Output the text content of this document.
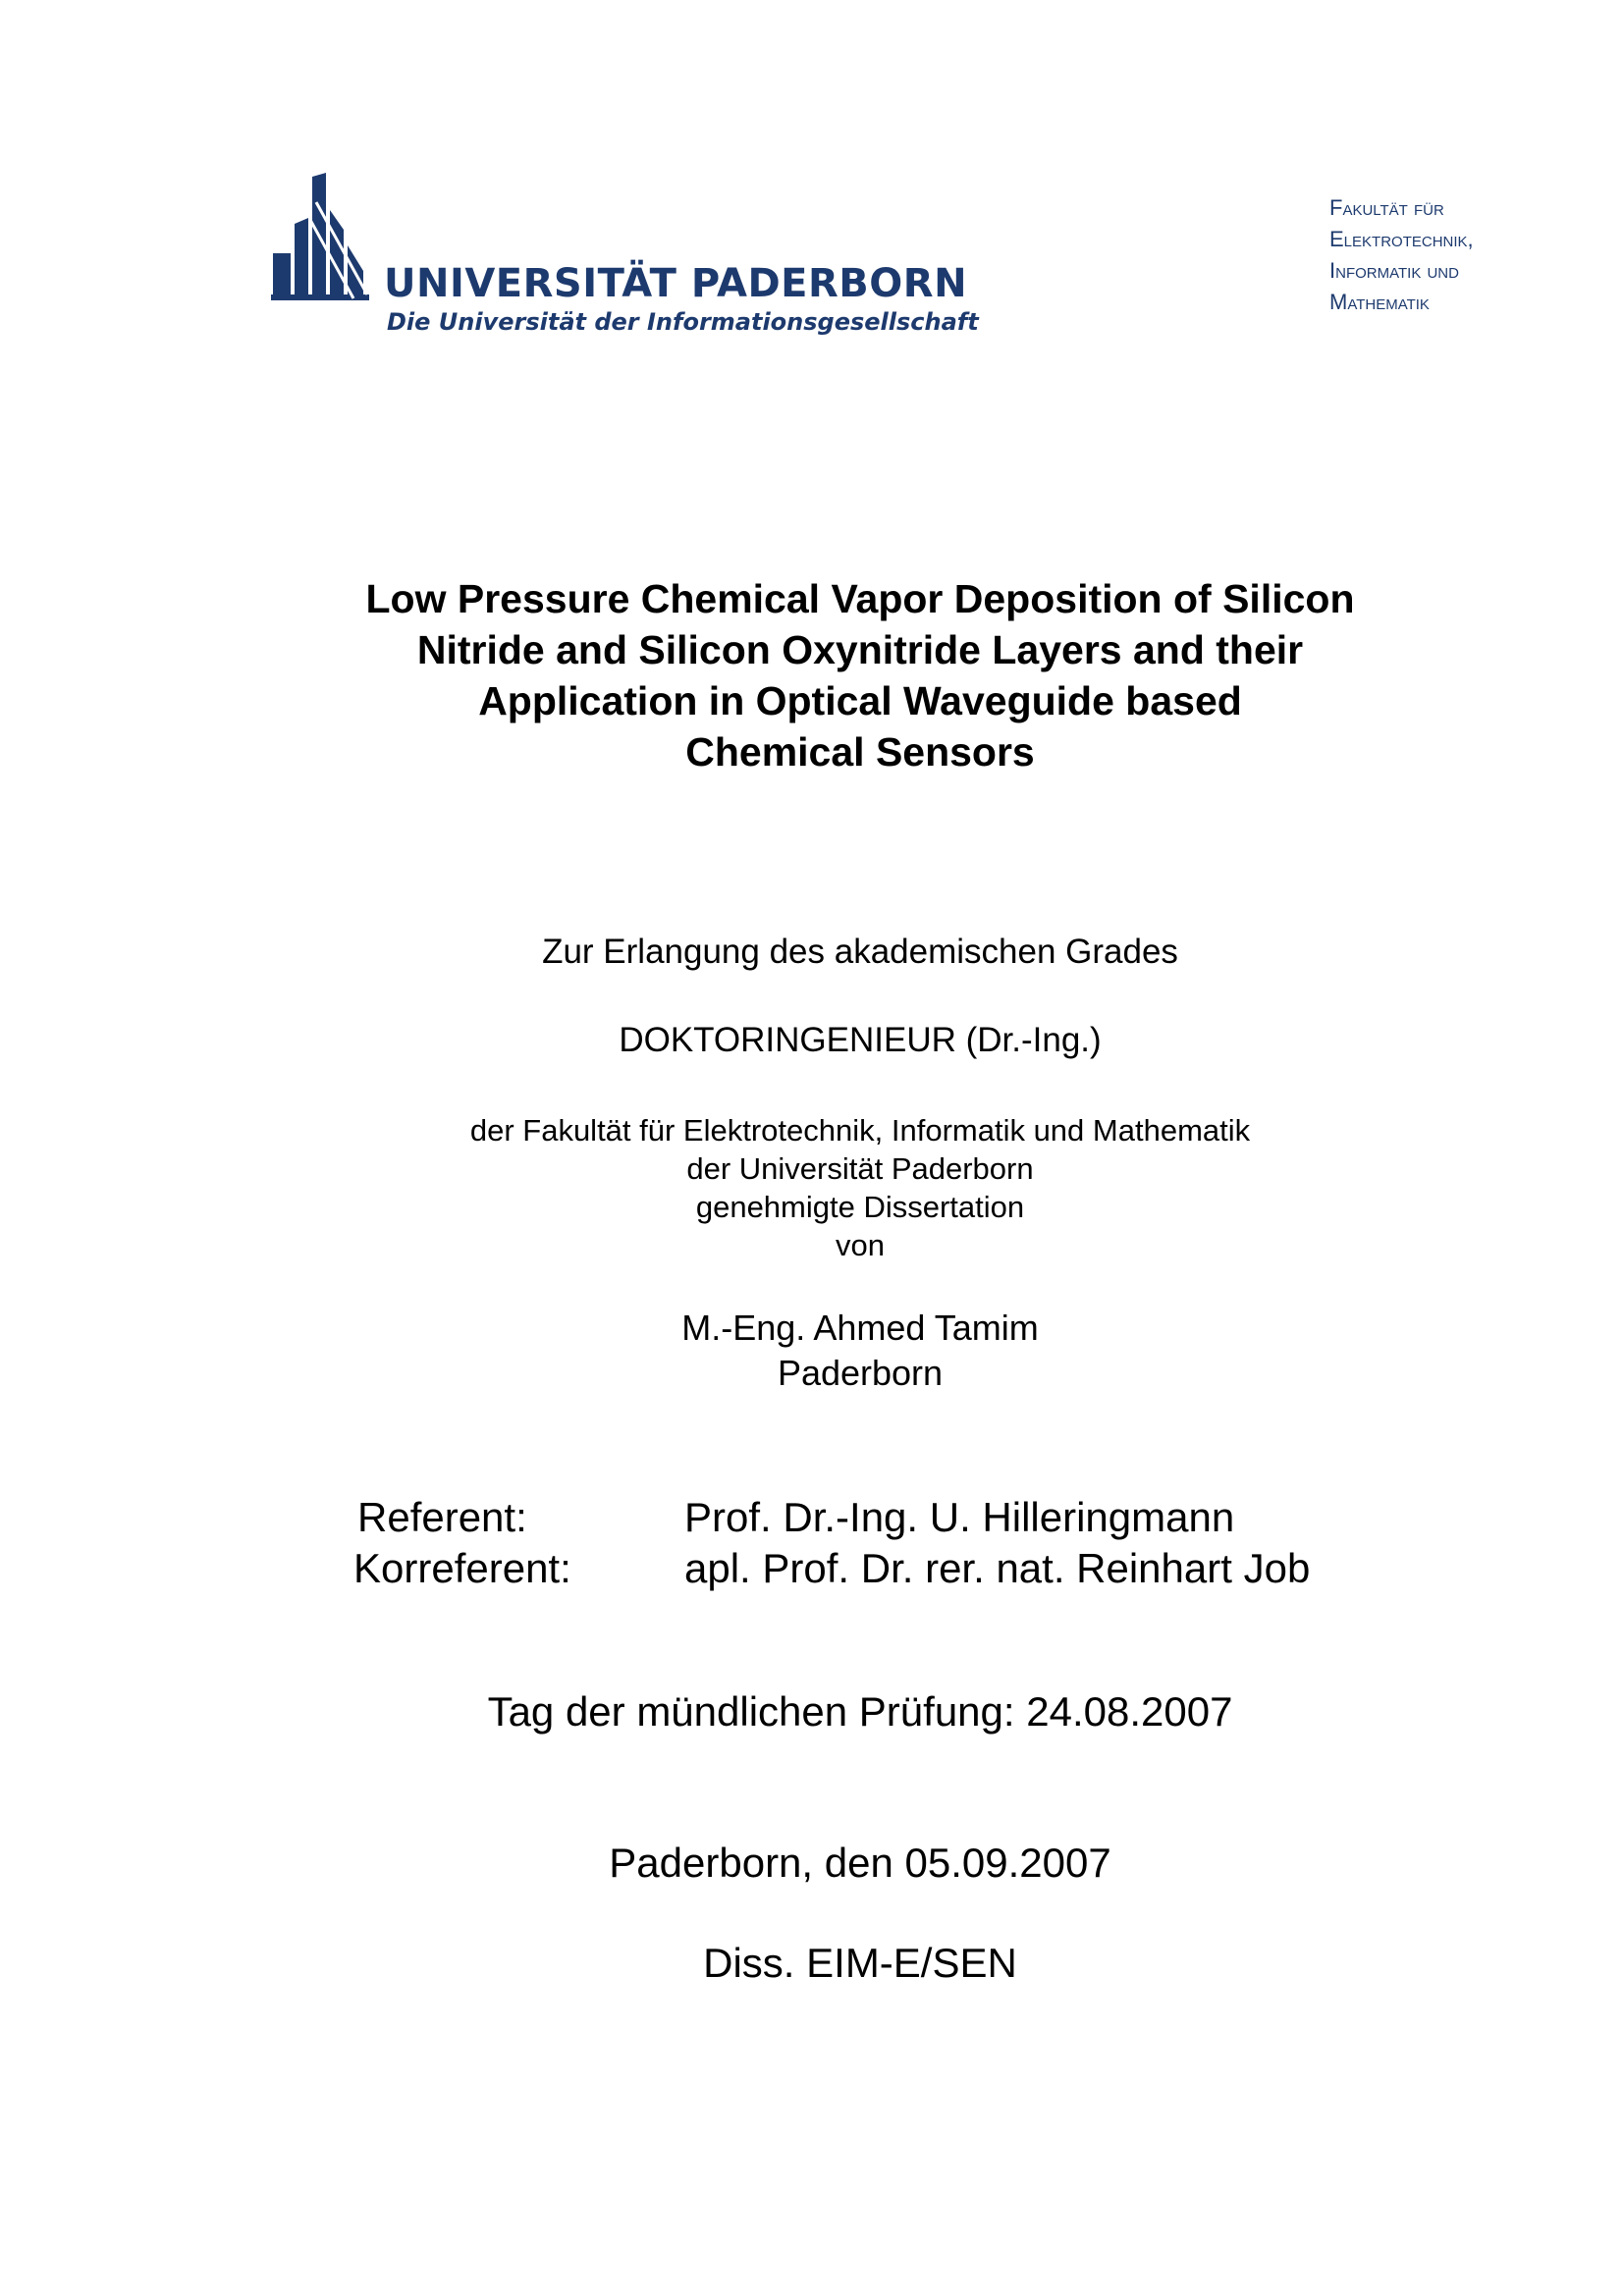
UNIVERSITÄT PADERBORN
Die Universität der Informationsgesellschaft
Fakultät für
Elektrotechnik,
Informatik und
Mathematik
Low Pressure Chemical Vapor Deposition of Silicon
Nitride and Silicon Oxynitride Layers and their
Application in Optical Waveguide based
Chemical Sensors
Zur Erlangung des akademischen Grades
DOKTORINGENIEUR (Dr.-Ing.)
der Fakultät für Elektrotechnik, Informatik und Mathematik
der Universität Paderborn
genehmigte Dissertation
von
M.-Eng. Ahmed Tamim
Paderborn
Referent:	Prof. Dr.-Ing. U. Hilleringmann
Korreferent:	apl. Prof. Dr. rer. nat. Reinhart Job
Tag der mündlichen Prüfung: 24.08.2007
Paderborn, den 05.09.2007
Diss. EIM-E/SEN
